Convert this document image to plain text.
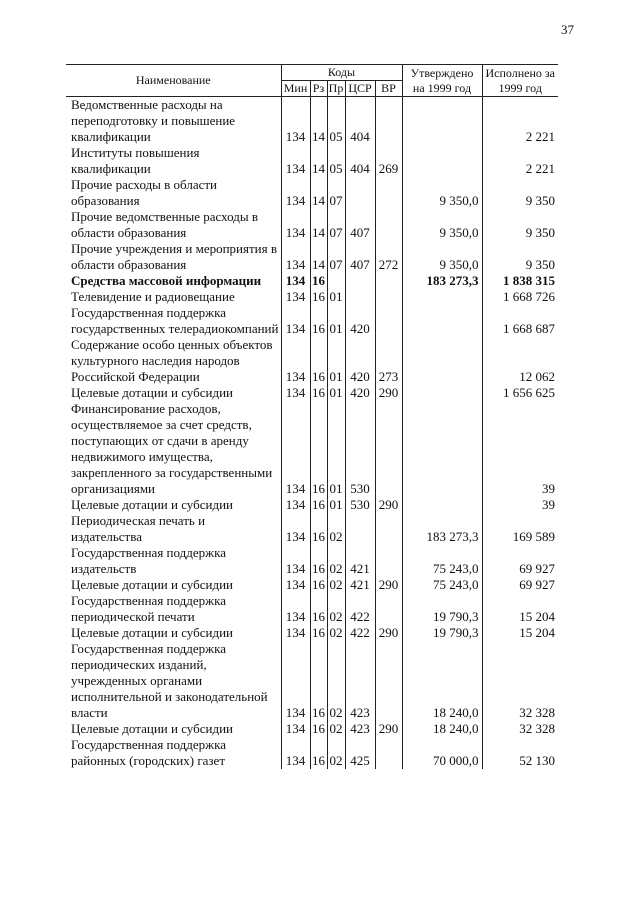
37
Наименование	Коды					Утверждено на 1999 год	Исполнено за 1999 год
	Мин	Рз	Пр	ЦСР	ВР		
Ведомственные расходы на переподготовку и повышение квалификации	134	14	05	404			2 221
Институты повышения квалификации	134	14	05	404	269		2 221
Прочие расходы в области образования	134	14	07			9 350,0	9 350
Прочие ведомственные расходы в области образования	134	14	07	407		9 350,0	9 350
Прочие учреждения и мероприятия в области образования	134	14	07	407	272	9 350,0	9 350
Средства массовой информации	134	16				183 273,3	1 838 315
Телевидение и радиовещание	134	16	01				1 668 726
Государственная поддержка государственных телерадиокомпаний	134	16	01	420			1 668 687
Содержание особо ценных объектов культурного наследия народов Российской Федерации	134	16	01	420	273		12 062
Целевые дотации и субсидии	134	16	01	420	290		1 656 625
Финансирование расходов, осуществляемое за счет средств, поступающих от сдачи в аренду недвижимого имущества, закрепленного за государственными организациями	134	16	01	530			39
Целевые дотации и субсидии	134	16	01	530	290		39
Периодическая печать и издательства	134	16	02			183 273,3	169 589
Государственная поддержка издательств	134	16	02	421		75 243,0	69 927
Целевые дотации и субсидии	134	16	02	421	290	75 243,0	69 927
Государственная поддержка периодической печати	134	16	02	422		19 790,3	15 204
Целевые дотации и субсидии	134	16	02	422	290	19 790,3	15 204
Государственная поддержка периодических изданий, учрежденных органами исполнительной и законодательной власти	134	16	02	423		18 240,0	32 328
Целевые дотации и субсидии	134	16	02	423	290	18 240,0	32 328
Государственная поддержка районных (городских) газет	134	16	02	425		70 000,0	52 130
